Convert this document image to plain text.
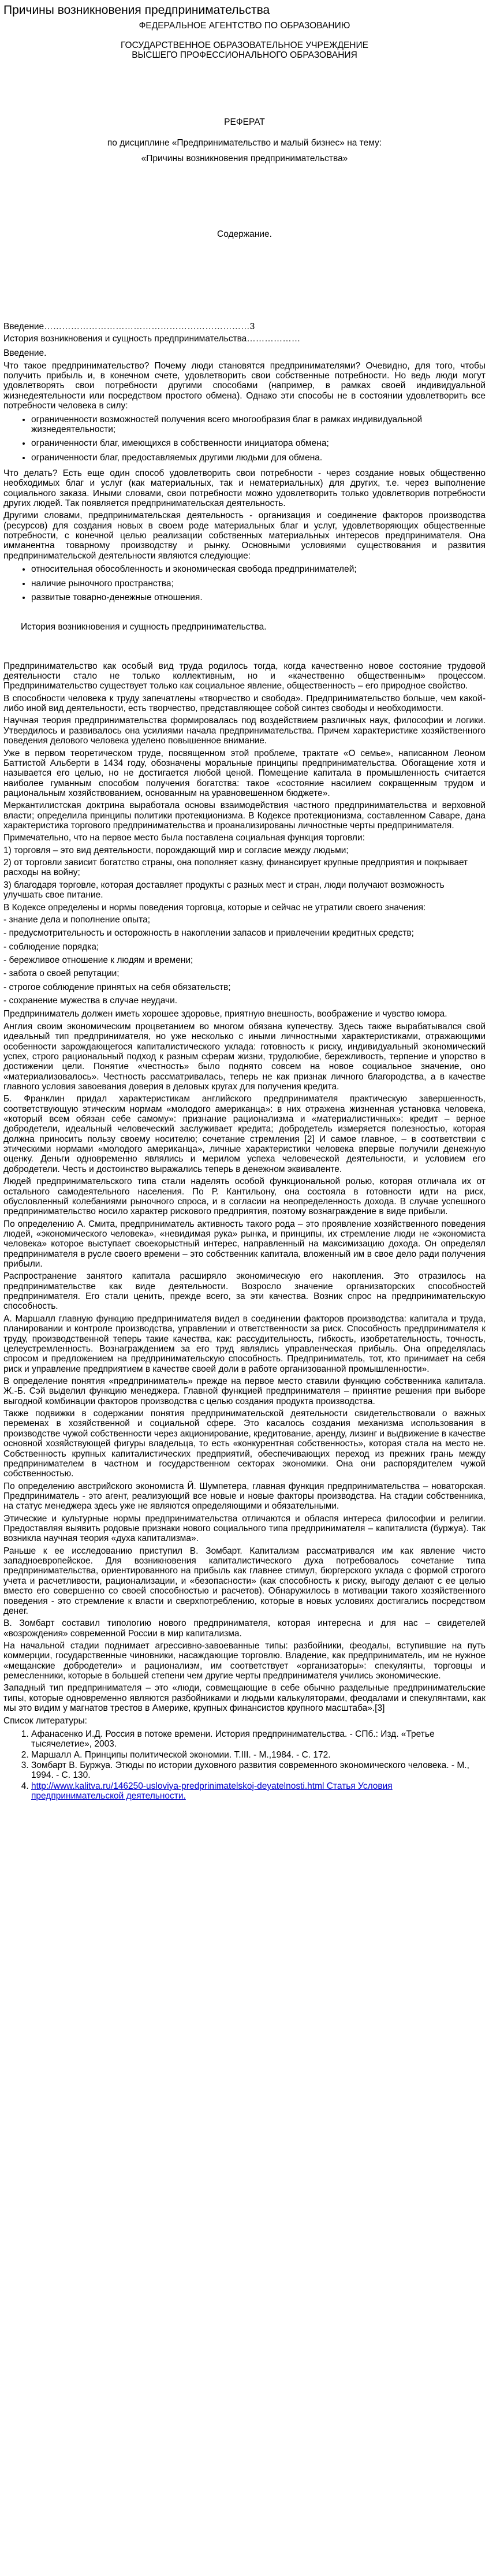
Причины возникновения предпринимательства

ФЕДЕРАЛЬНОЕ АГЕНТСТВО ПО ОБРАЗОВАНИЮ

ГОСУДАРСТВЕННОЕ ОБРАЗОВАТЕЛЬНОЕ УЧРЕЖДЕНИЕ

ВЫСШЕГО ПРОФЕССИОНАЛЬНОГО ОБРАЗОВАНИЯ

РЕФЕРАТ

по дисциплине «Предпринимательство и малый бизнес» на тему:

«Причины возникновения предпринимательства»

Содержание.

Введение……………………………………………………………3

История возникновения и сущность предпринимательства………………

Введение.

Что такое предпринимательство? Почему люди становятся предпринимателями? Очевидно, для того, чтобы получить прибыль и, в конечном счете, удовлетворить свои собственные потребности. Но ведь люди могут удовлетворять свои потребности другими способами (например, в рамках своей индивидуальной жизнедеятельности или посредством простого обмена). Однако эти способы не в состоянии удовлетворить все потребности человека в силу:

• ограниченности возможностей получения всего многообразия благ в рамках индивидуальной жизнедеятельности;
• ограниченности благ, имеющихся в собственности инициатора обмена;
• ограниченности благ, предоставляемых другими людьми для обмена.

Что делать? Есть еще один способ удовлетворить свои потребности - через создание новых общественно необходимых благ и услуг (как материальных, так и нематериальных) для других, т.е. через выполнение социального заказа. Иными словами, свои потребности можно удовлетворить только удовлетворив потребности других людей. Так появляется предпринимательская деятельность.

Другими словами, предпринимательская деятельность - организация и соединение факторов производства (ресурсов) для создания новых в своем роде материальных благ и услуг, удовлетворяющих общественные потребности, с конечной целью реализации собственных материальных интересов предпринимателя. Она имманентна товарному производству и рынку. Основными условиями существования и развития предпринимательской деятельности являются следующие:

• относительная обособленность и экономическая свобода предпринимателей;
• наличие рыночного пространства;
• развитые товарно-денежные отношения.

История возникновения и сущность предпринимательства.

Предпринимательство как особый вид труда родилось тогда, когда качественно новое состояние трудовой деятельности стало не только коллективным, но и «качественно общественным» процессом. Предпринимательство существует только как социальное явление, общественность – его природное свойство.

В способности человека к труду запечатлены «творчество и свобода». Предпринимательство больше, чем какой-либо иной вид деятельности, есть творчество, представляющее собой синтез свободы и необходимости.

Научная теория предпринимательства формировалась под воздействием различных наук, философии и логики. Утвердилось и развивалось она усилиями начала предпринимательства. Причем характеристике хозяйственного поведения делового человека уделено повышенное внимание.

Уже в первом теоретическом труде, посвященном этой проблеме, трактате «О семье», написанном Леоном Баттистой Альберти в 1434 году, обозначены моральные принципы предпринимательства. Обогащение хотя и называется его целью, но не достигается любой ценой. Помещение капитала в промышленность считается наиболее гуманным способом получения богатства: такое «состояние насилием сокращенным трудом и рациональным хозяйствованием, основанным на уравновешенном бюджете».

Меркантилистская доктрина выработала основы взаимодействия частного предпринимательства и верховной власти; определила принципы политики протекционизма. В Кодексе протекционизма, составленном Саварe, дана характеристика торгового предпринимательства и проанализированы личностные черты предпринимателя.

Примечательно, что на первое место была поставлена социальная функция торговли:

1) торговля – это вид деятельности, порождающий мир и согласие между людьми;

2) от торговли зависит богатство страны, она пополняет казну, финансирует крупные предприятия и покрывает расходы на войну;

3) благодаря торговле, которая доставляет продукты с разных мест и стран, люди получают возможность улучшать свое питание.

В Кодексе определены и нормы поведения торговца, которые и сейчас не утратили своего значения:

- знание дела и пополнение опыта;
- предусмотрительность и осторожность в накоплении запасов и привлечении кредитных средств;
- соблюдение порядка;
- бережливое отношение к людям и времени;
- забота о своей репутации;
- строгое соблюдение принятых на себя обязательств;
- сохранение мужества в случае неудачи.

Предприниматель должен иметь хорошее здоровье, приятную внешность, воображение и чувство юмора.

Англия своим экономическим процветанием во многом обязана купечеству. Здесь также вырабатывался свой идеальный тип предпринимателя, но уже несколько с иными личностными характеристиками, отражающими особенности зарождающегося капиталистического уклада: готовность к риску, индивидуальный экономический успех, строго рациональный подход к разным сферам жизни, трудолюбие, бережливость, терпение и упорство в достижении цели. Понятие «честность» было поднято совсем на новое социальное значение, оно «материализовалось». Честность рассматривалась, теперь не как признак личного благородства, а в качестве главного условия завоевания доверия в деловых кругах для получения кредита.

Б. Франклин придал характеристикам английского предпринимателя практическую завершенность, соответствующую этическим нормам «молодого американца»: в них отражена жизненная установка человека, «который всем обязан себе самому»: признание рационализма и «материалистичных»: кредит – верное добродетели, идеальный человеческий заслуживает кредита; добродетель измеряется полезностью, которая должна приносить пользу своему носителю; сочетание стремления [2] И самое главное, – в соответствии с этическими нормами «молодого американца», личные характеристики человека впервые получили денежную оценку. Деньги одновременно являлись и мерилом успеха человеческой деятельности, и условием его добродетели. Честь и достоинство выражались теперь в денежном эквиваленте.

Людей предпринимательского типа стали наделять особой функциональной ролью, которая отличала их от остального самодеятельного населения. По Р. Кантильону, она состояла в готовности идти на риск, обусловленный колебаниями рыночного спроса, и в согласии на неопределенность дохода. В случае успешного предпринимательство носило характер рискового предприятия, поэтому вознаграждение в виде прибыли.

По определению А. Смита, предприниматель активность такого рода – это проявление хозяйственного поведения людей, «экономического человека», «невидимая рука» рынка, и принципы, их стремление люди не «экономиста человека» которое выступает своекорыстный интерес, направленный на максимизацию дохода. Он определял предпринимателя в русле своего времени – это собственник капитала, вложенный им в свое дело ради получения прибыли.

Распространение занятого капитала расширяло экономическую его накопления. Это отразилось на предпринимательстве как виде деятельности. Возросло значение организаторских способностей предпринимателя. Его стали ценить, прежде всего, за эти качества. Возник спрос на предпринимательскую способность.

А. Маршалл главную функцию предпринимателя видел в соединении факторов производства: капитала и труда, планировании и контроле производства, управлении и ответственности за риск. Способность предпринимателя к труду, производственной теперь такие качества, как: рассудительность, гибкость, изобретательность, точность, целеустремленность. Вознаграждением за его труд являлись управленческая прибыль. Она определялась спросом и предложением на предпринимательскую способность. Предприниматель, тот, кто принимает на себя риск и управление предприятием в качестве своей доли в работе организованной промышленности».

В определение понятия «предприниматель» прежде на первое место ставили функцию собственника капитала. Ж.-Б. Сэй выделил функцию менеджера. Главной функцией предпринимателя – принятие решения при выборе выгодной комбинации факторов производства с целью создания продукта производства.

Также подвижки в содержании понятия предпринимательской деятельности свидетельствовали о важных переменах в хозяйственной и социальной сфере. Это касалось создания механизма использования в производстве чужой собственности через акционирование, кредитование, аренду, лизинг и выдвижение в качестве основной хозяйствующей фигуры владельца, то есть «конкурентная собственность», которая стала на место не. Собственность крупных капиталистических предприятий, обеспечивающих переход из прежних грань между предпринимателем в частном и государственном секторах экономики. Она они распорядителем чужой собственностью.

По определению австрийского экономиста Й. Шумпетера, главная функция предпринимательства – новаторская. Предприниматель - это агент, реализующий все новые и новые факторы производства. На стадии собственника, на статус менеджера здесь уже не являются определяющими и обязательными.

Этические и культурные нормы предпринимательства отличаются и обласпя интереса философии и религии. Предоставляя выявить родовые признаки нового социального типа предпринимателя – капиталиста (буржуа). Так возникла научная теория «духа капитализма».

Раньше к ее исследованию приступил В. Зомбарт. Капитализм рассматривался им как явление чисто западноевропейское. Для возникновения капиталистического духа потребовалось сочетание типа предпринимательства, ориентированного на прибыль как главнее стимул, бюргерского уклада с формой строгого учета и расчетливости, рационализации, и «безопасности» (как способность к риску, выгоду делают с ее целью вместо его совершенно со своей способностью и расчетов). Обнаружилось в мотивации такого хозяйственного поведения - это стремление к власти и сверхпотреблению, которые в новых условиях достигались посредством денег.

В. Зомбарт составил типологию нового предпринимателя, которая интересна и для нас – свидетелей «возрождения» современной России в мир капитализма.

На начальной стадии поднимает агрессивно-завоеванные типы: разбойники, феодалы, вступившие на путь коммерции, государственные чиновники, насаждающие торговлю. Владение, как предприниматель, им не нужное «мещанские добродетели» и рационализм, им соответствует «организаторы»: спекулянты, торговцы и ремесленники, которые в большей степени чем другие черты предпринимателя учились экономические.

Западный тип предпринимателя – это «люди, совмещающие в себе обычно раздельные предпринимательские типы, которые одновременно являются разбойниками и людьми калькуляторами, феодалами и спекулянтами, как мы это видим у магнатов трестов в Америке, крупных финансистов крупного масштаба».[3]

Список литературы:

1. Афанасенко И.Д. Россия в потоке времени. История предпринимательства. - СПб.: Изд. «Третье тысячелетие», 2003.
2. Маршалл А. Принципы политической экономии. Т.III. - М.,1984. - С. 172.
3. Зомбарт В. Буржуа. Этюды по истории духовного развития современного экономического человека. - М., 1994. - С. 130.
4. http://www.kalitva.ru/146250-usloviya-predprinimatelskoj-deyatelnosti.html Статья Условия предпринимательской деятельности.
